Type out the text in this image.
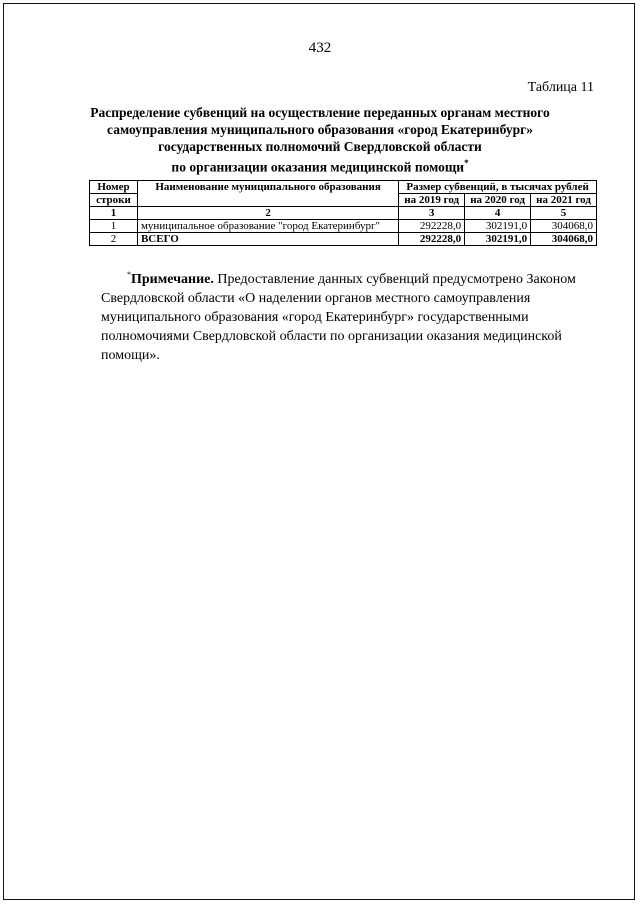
432
Таблица 11
Распределение субвенций на осуществление переданных органам местного
самоуправления муниципального образования «город Екатеринбург»
государственных полномочий Свердловской области
по организации оказания медицинской помощи*
Номер	Наименование муниципального образования	Размер субвенций, в тысячах рублей		
строки		на 2019 год	на 2020 год	на 2021 год
1	2	3	4	5
1	муниципальное образование "город Екатеринбург"	292228,0	302191,0	304068,0
2	ВСЕГО	292228,0	302191,0	304068,0
*Примечание. Предоставление данных субвенций предусмотрено Законом Свердловской области «О наделении органов местного самоуправления муниципального образования «город Екатеринбург» государственными полномочиями Свердловской области по организации оказания медицинской помощи».
